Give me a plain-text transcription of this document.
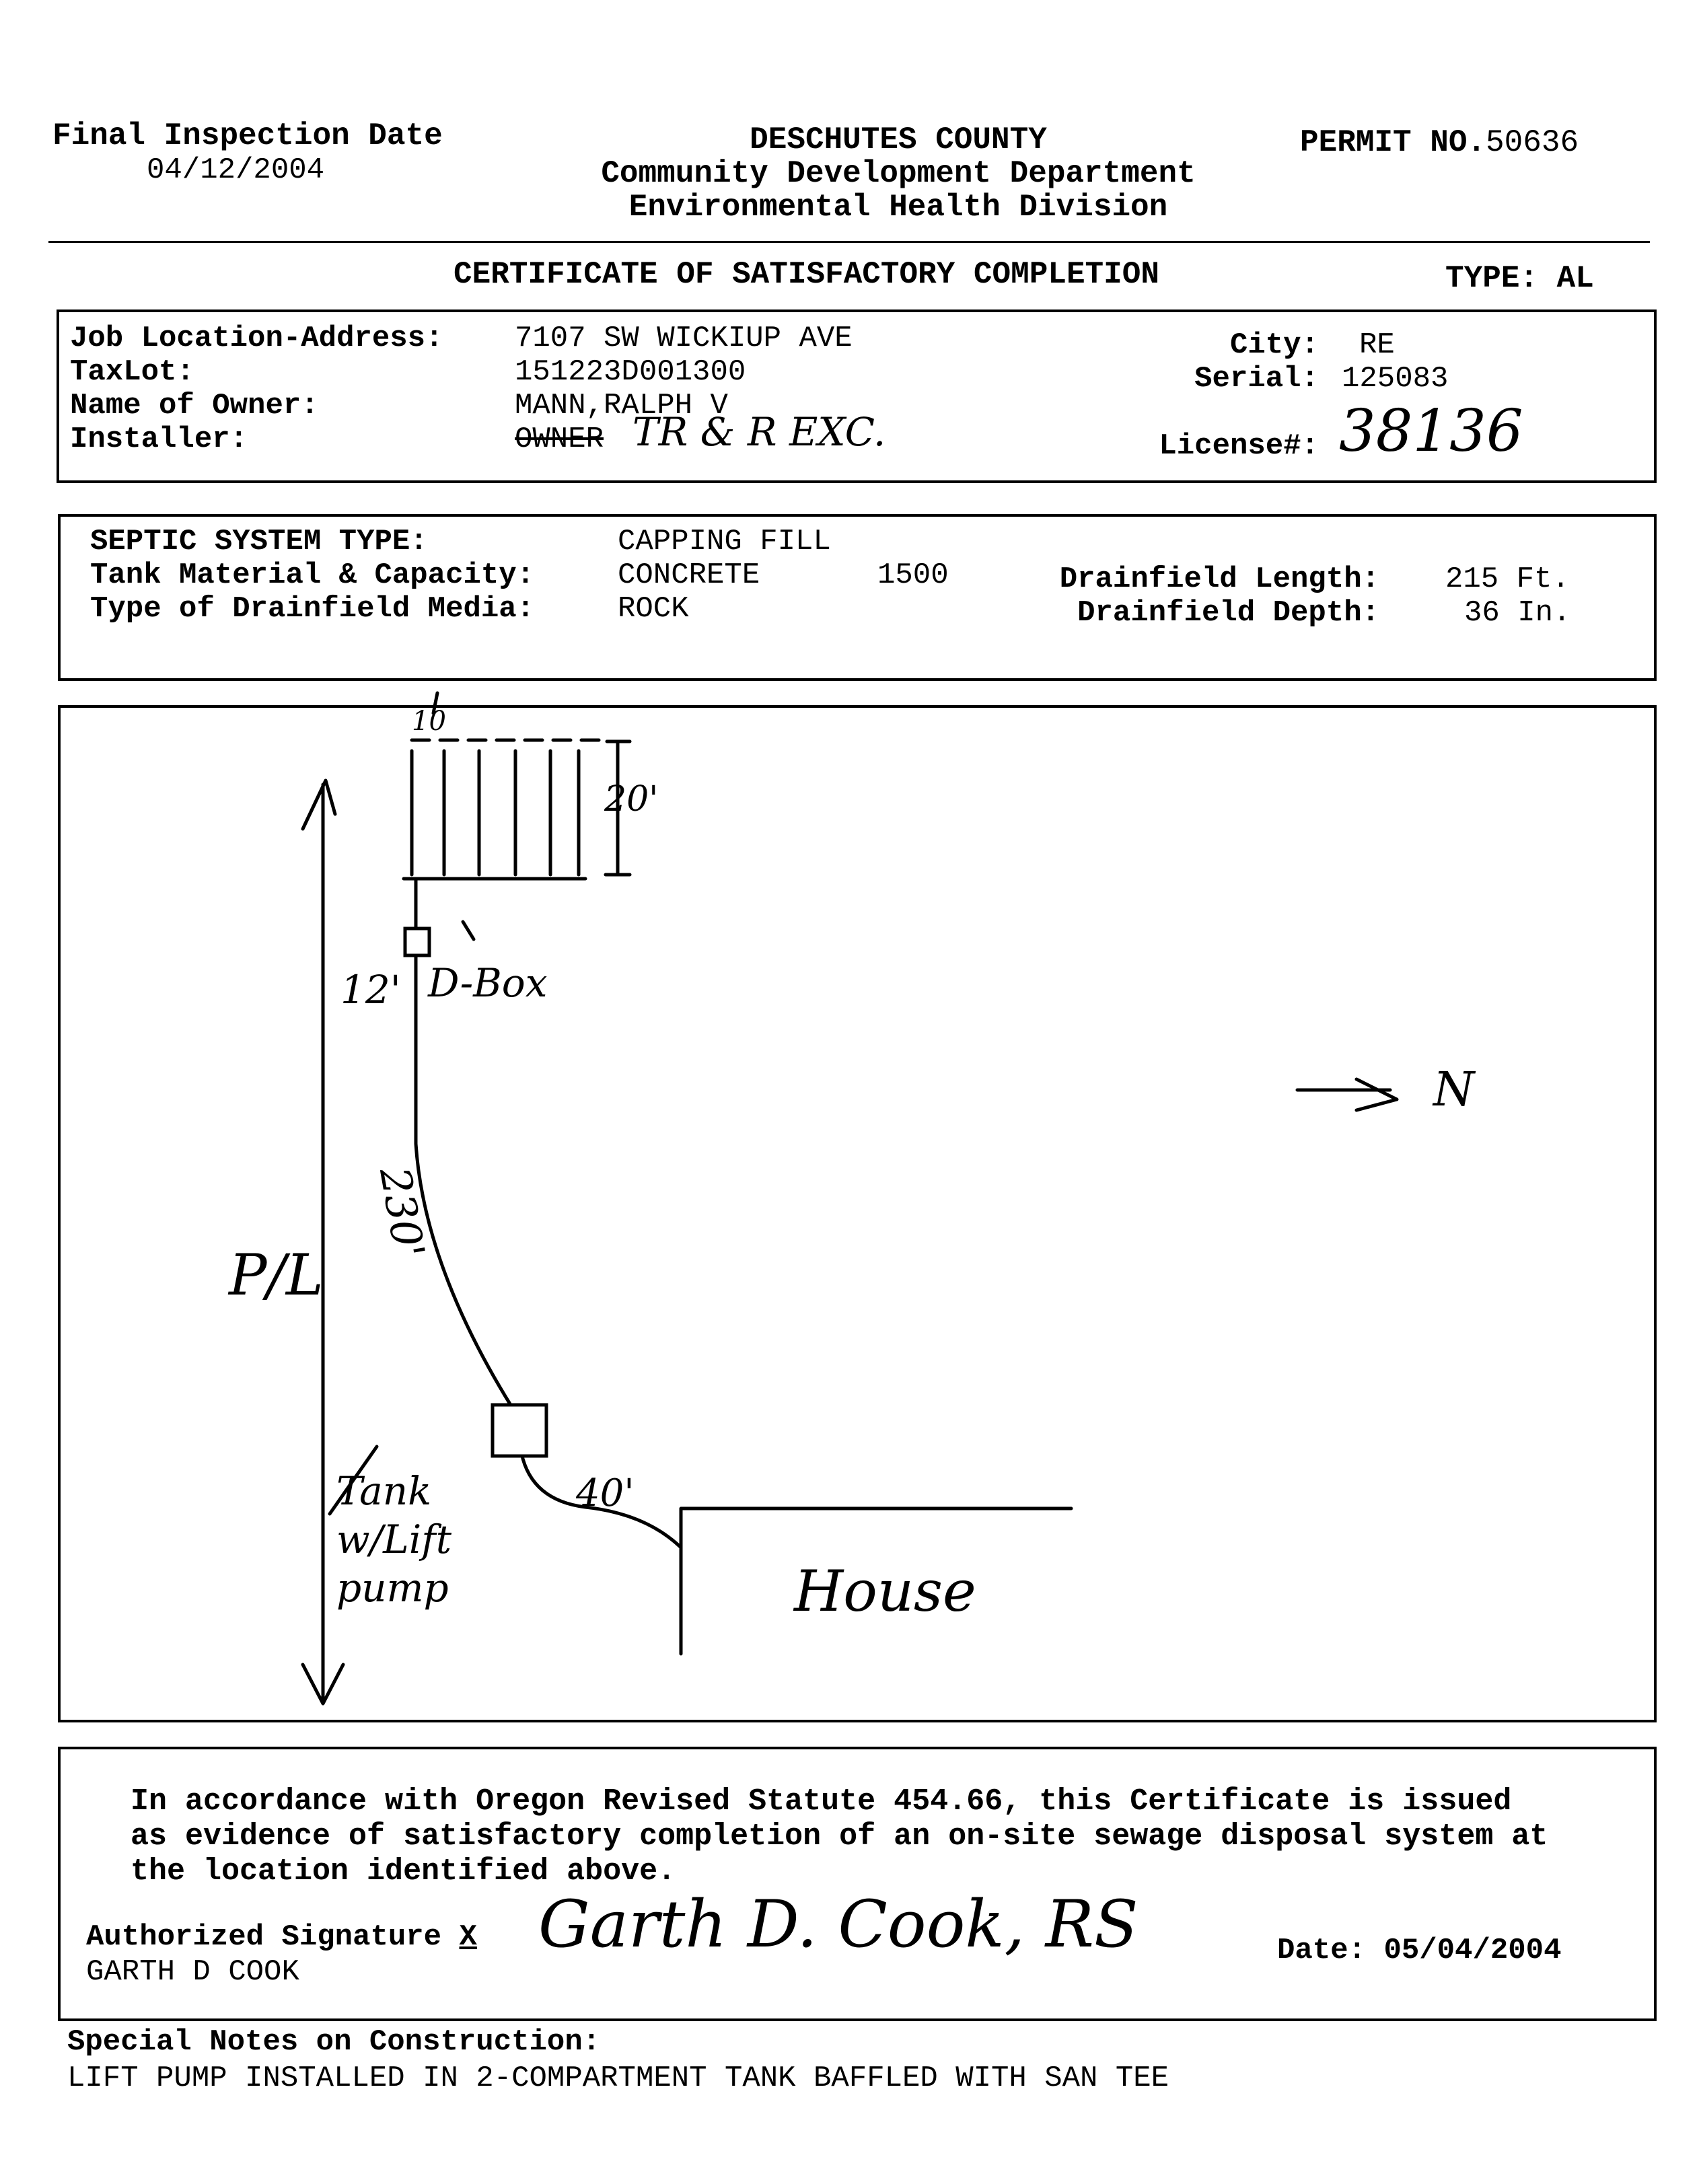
Final Inspection Date
04/12/2004
DESCHUTES COUNTY
Community Development Department
Environmental Health Division
PERMIT NO.50636
CERTIFICATE OF SATISFACTORY COMPLETION	TYPE: AL
Job Location-Address: 7107 SW WICKIUP AVE
TaxLot:	151223D001300
Name of Owner:	MANN,RALPH V
Installer:	OWNER TR & R EXC.
City: RE
Serial: 125083
License#: 38136
SEPTIC SYSTEM TYPE:	CAPPING FILL
Tank Material & Capacity:	CONCRETE	1500
Type of Drainfield Media:	ROCK
Drainfield Length: 215 Ft.
Drainfield Depth:	36 In.
10
20'
12' D-Box
230'
P/L
N
Tank w/Lift pump
40'
House
In accordance with Oregon Revised Statute 454.66, this Certificate is issued as evidence of satisfactory completion of an on-site sewage disposal system at the location identified above.
Authorized Signature X Garth D. Cook, RS
GARTH D COOK
Date: 05/04/2004
Special Notes on Construction:
LIFT PUMP INSTALLED IN 2-COMPARTMENT TANK BAFFLED WITH SAN TEE
